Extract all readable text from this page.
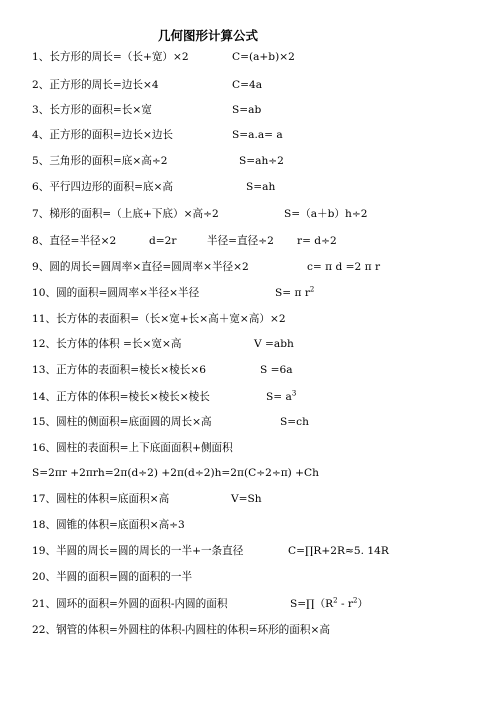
几何图形计算公式
1、长方形的周长=（长+宽）×2	C=(a+b)×2
2、正方形的周长=边长×4	C=4a
3、长方形的面积=长×宽	S=ab
4、正方形的面积=边长×边长	S=a.a= a
5、三角形的面积=底×高÷2	S=ah÷2
6、平行四边形的面积=底×高	S=ah
7、梯形的面积=（上底+下底）×高÷2	S=（a＋b）h÷2
8、直径=半径×2	d=2r	半径=直径÷2 r= d÷2
9、圆的周长=圆周率×直径=圆周率×半径×2	c= π d =2 π r
10、圆的面积=圆周率×半径×半径	S= π $r^2$
11、长方体的表面积=（长×宽+长×高＋宽×高）×2
12、长方体的体积 =长×宽×高	V =abh
13、正方体的表面积=棱长×棱长×6	S =6a
14、正方体的体积=棱长×棱长×棱长	$S= a^3$
15、圆柱的侧面积=底面圆的周长×高	S=ch
16、圆柱的表面积=上下底面面积+侧面积
S=2πr +2πrh=2π(d÷2) +2π(d÷2)h=2π(C÷2÷π) +Ch
17、圆柱的体积=底面积×高	V=Sh
18、圆锥的体积=底面积×高÷3
19、半圆的周长=圆的周长的一半+一条直径	C=∏R+2R≈5. 14R
20、半圆的面积=圆的面积的一半
21、圆环的面积=外圆的面积-内圆的面积	$S=\prod(R^2 - r^2)$
22、钢管的体积=外圆柱的体积-内圆柱的体积=环形的面积×高
